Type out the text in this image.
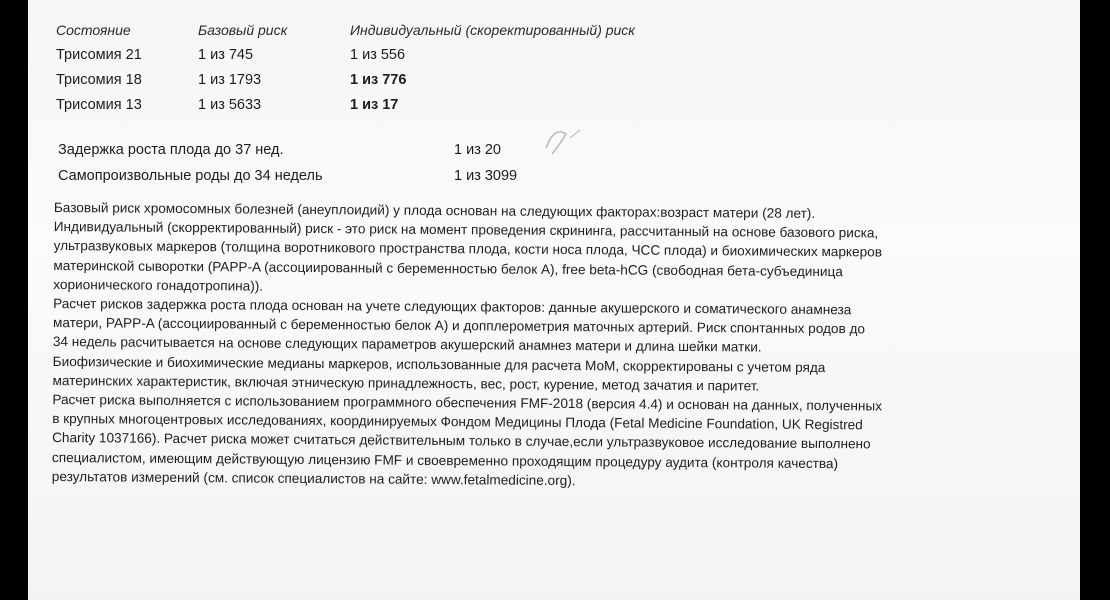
Состояние	Базовый риск	Индивидуальный (скоректированный) риск
Трисомия 21	1 из 745	1 из 556
Трисомия 18	1 из 1793	1 из 776
Трисомия 13	1 из 5633	1 из 17
Задержка роста плода до 37 нед.	1 из 20
Самопроизвольные роды до 34 недель	1 из 3099
Базовый риск хромосомных болезней (анеуплоидий) у плода основан на следующих факторах:возраст матери (28 лет).
Индивидуальный (скорректированный) риск - это риск на момент проведения скрининга, рассчитанный на основе базового риска,
ультразвуковых маркеров (толщина воротникового пространства плода, кости носа плода, ЧСС плода) и биохимических маркеров
материнской сыворотки (PAPP-A (ассоциированный с беременностью белок А), free beta-hCG (свободная бета-субъединица
хорионического гонадотропина)).
Расчет рисков задержка роста плода основан на учете следующих факторов: данные акушерского и соматического анамнеза
матери, PAPP-A (ассоциированный с беременностью белок А) и допплерометрия маточных артерий. Риск спонтанных родов до
34 недель расчитывается на основе следующих параметров акушерский анамнез матери и длина шейки матки.
Биофизические и биохимические медианы маркеров, использованные для расчета МоМ, скорректированы с учетом ряда
материнских характеристик, включая этническую принадлежность, вес, рост, курение, метод зачатия и паритет.
Расчет риска выполняется с использованием программного обеспечения FMF-2018 (версия 4.4) и основан на данных, полученных
в крупных многоцентровых исследованиях, координируемых Фондом Медицины Плода (Fetal Medicine Foundation, UK Registred
Charity 1037166). Расчет риска может считаться действительным только в случае,если ультразвуковое исследование выполнено
специалистом, имеющим действующую лицензию FMF и своевременно проходящим процедуру аудита (контроля качества)
результатов измерений (см. список специалистов на сайте: www.fetalmedicine.org).
